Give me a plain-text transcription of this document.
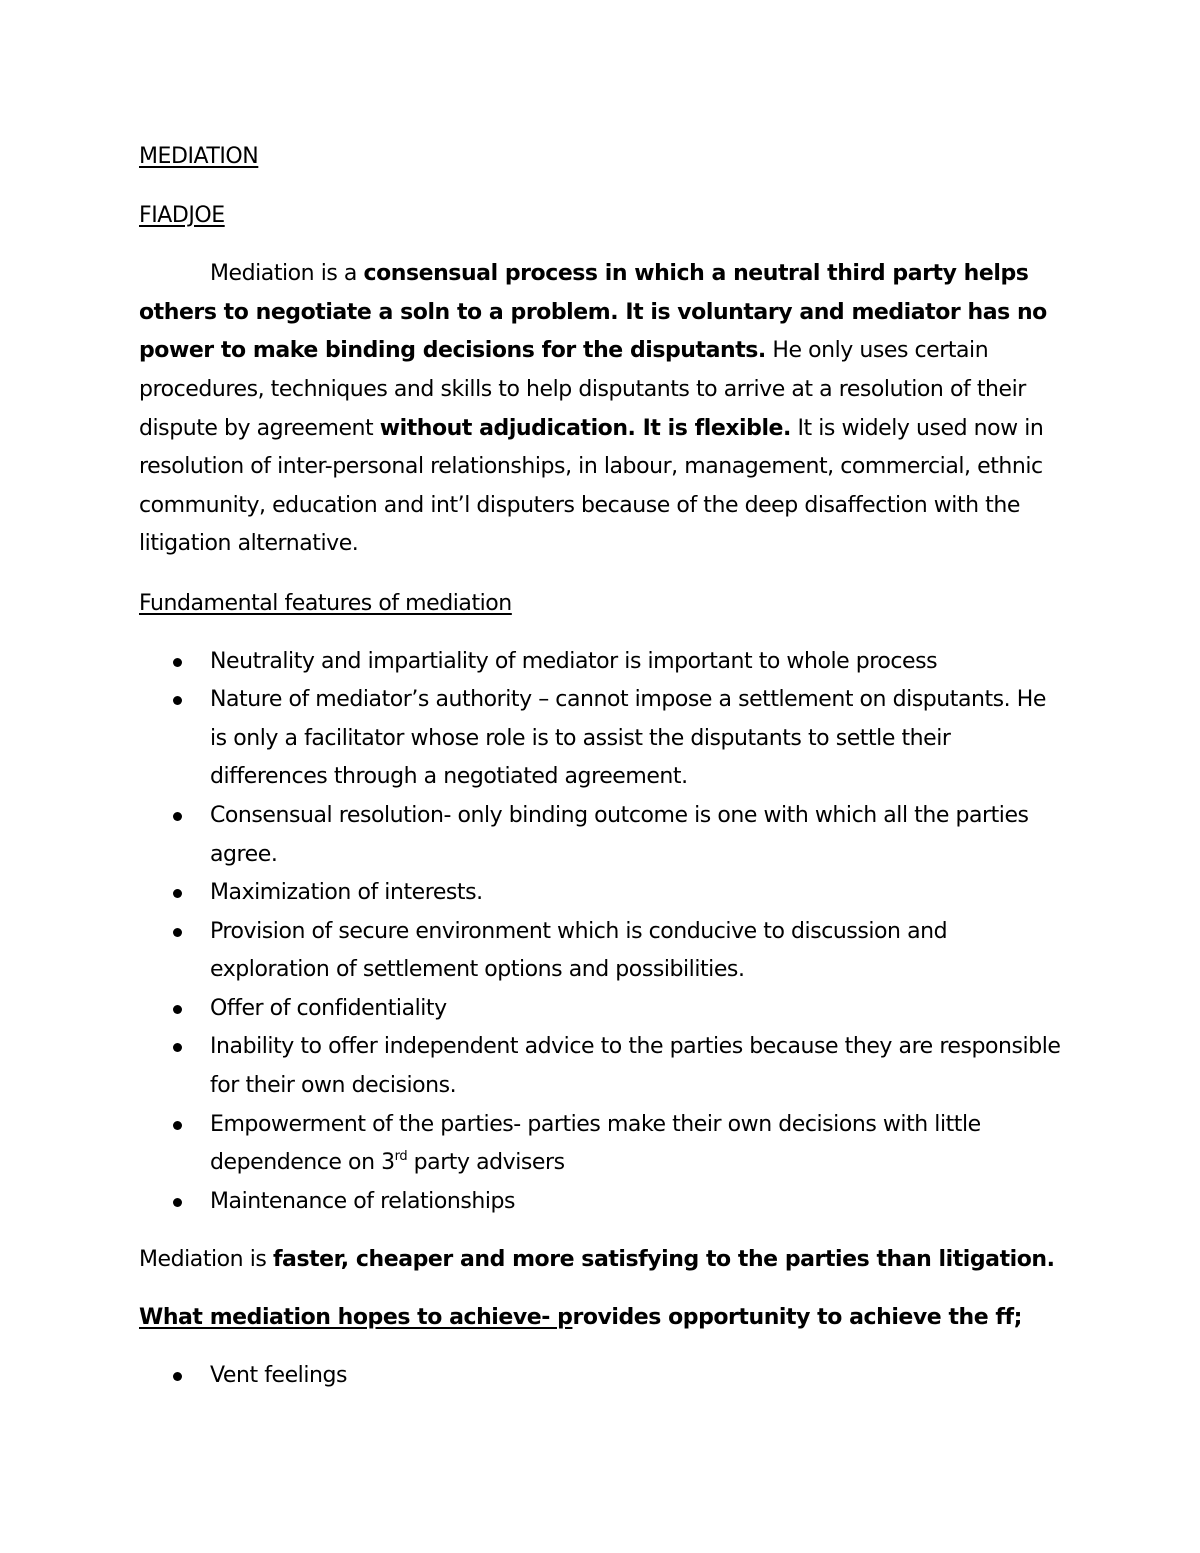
MEDIATION

FIADJOE

Mediation is a consensual process in which a neutral third party helps others to negotiate a soln to a problem. It is voluntary and mediator has no power to make binding decisions for the disputants. He only uses certain procedures, techniques and skills to help disputants to arrive at a resolution of their dispute by agreement without adjudication. It is flexible. It is widely used now in resolution of inter-personal relationships, in labour, management, commercial, ethnic community, education and int’l disputers because of the deep disaffection with the litigation alternative.

Fundamental features of mediation

Neutrality and impartiality of mediator is important to whole process
Nature of mediator’s authority – cannot impose a settlement on disputants. He is only a facilitator whose role is to assist the disputants to settle their differences through a negotiated agreement.
Consensual resolution- only binding outcome is one with which all the parties agree.
Maximization of interests.
Provision of secure environment which is conducive to discussion and exploration of settlement options and possibilities.
Offer of confidentiality
Inability to offer independent advice to the parties because they are responsible for their own decisions.
Empowerment of the parties- parties make their own decisions with little dependence on 3rd party advisers
Maintenance of relationships

Mediation is faster, cheaper and more satisfying to the parties than litigation.

What mediation hopes to achieve- provides opportunity to achieve the ff;

Vent feelings
